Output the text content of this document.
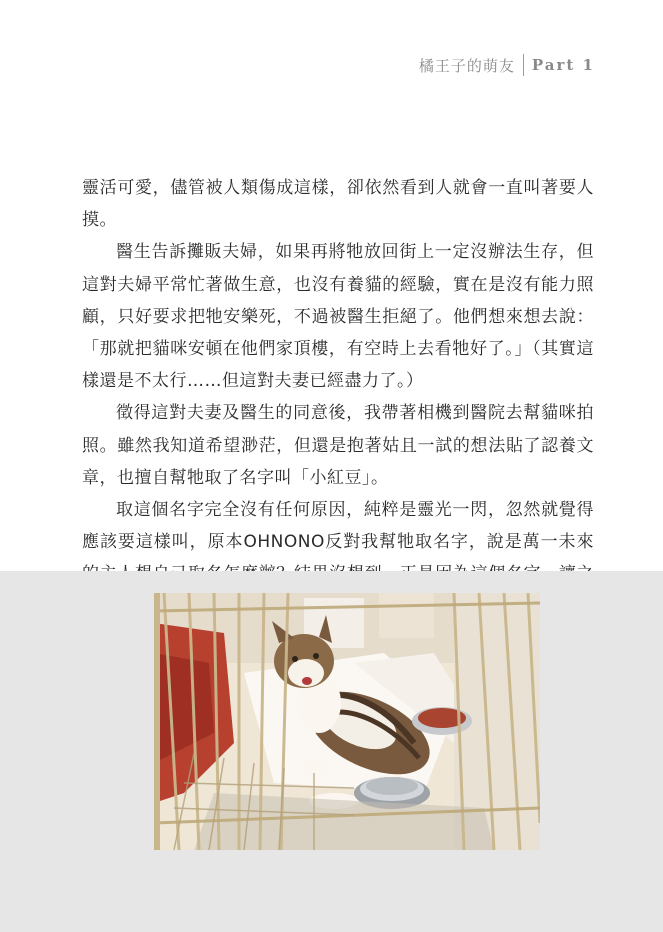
橘王子的萌友 Part 1

靈活可愛，儘管被人類傷成這樣，卻依然看到人就會一直叫著要人摸。

醫生告訴攤販夫婦，如果再將牠放回街上一定沒辦法生存，但這對夫婦平常忙著做生意，也沒有養貓的經驗，實在是沒有能力照顧，只好要求把牠安樂死，不過被醫生拒絕了。他們想來想去說：「那就把貓咪安頓在他們家頂樓，有空時上去看牠好了。」（其實這樣還是不太行……但這對夫妻已經盡力了。）

徵得這對夫妻及醫生的同意後，我帶著相機到醫院去幫貓咪拍照。雖然我知道希望渺茫，但還是抱著姑且一試的想法貼了認養文章，也擅自幫牠取了名字叫「小紅豆」。

取這個名字完全沒有任何原因，純粹是靈光一閃，忽然就覺得應該要這樣叫，原本OHNONO反對我幫牠取名字，說是萬一未來
